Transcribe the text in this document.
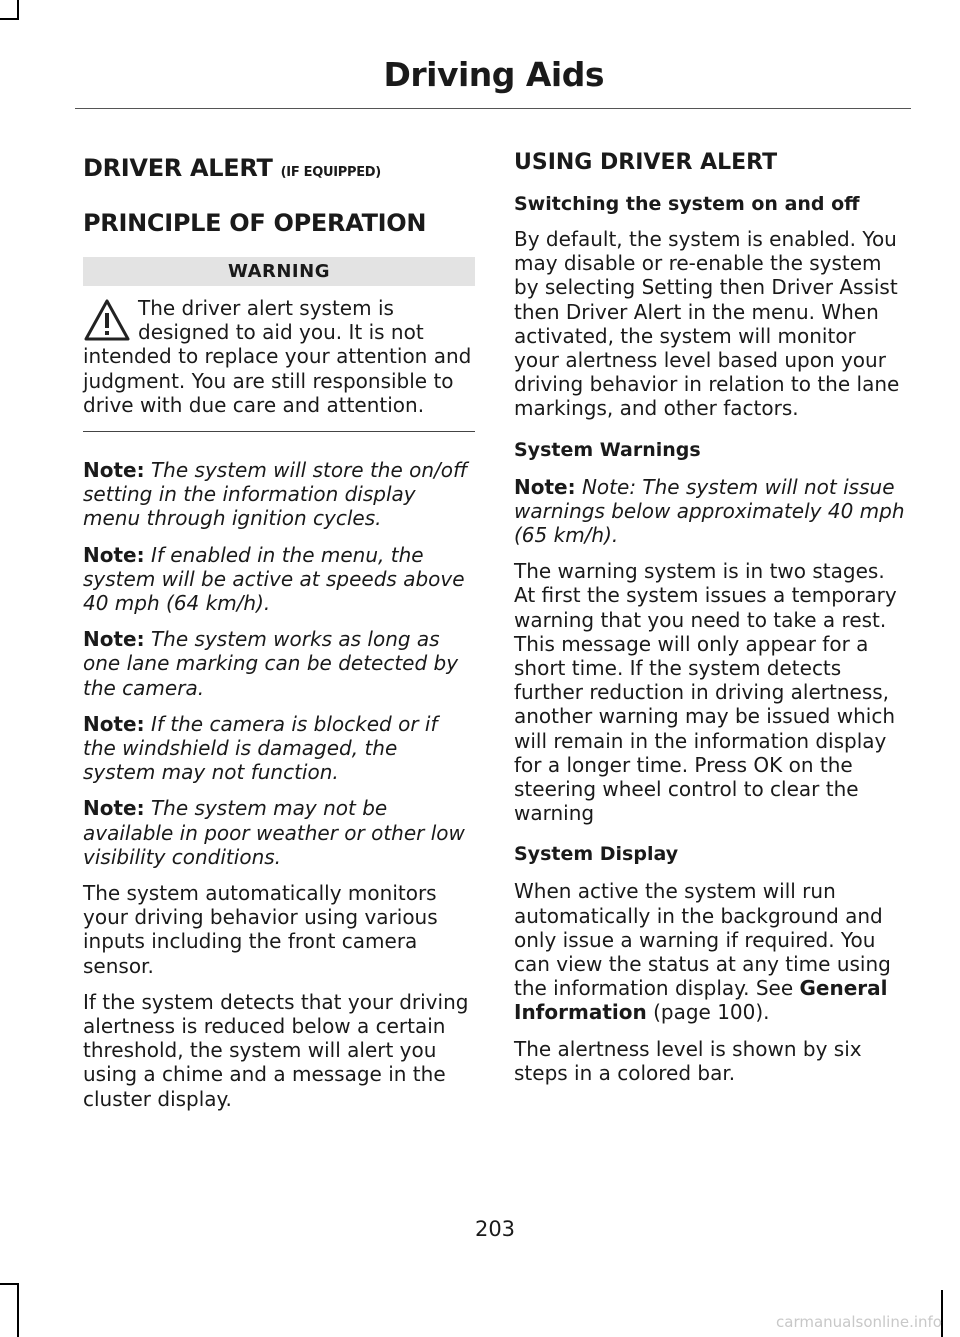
Driving Aids
DRIVER ALERT (IF EQUIPPED)
PRINCIPLE OF OPERATION
WARNING

The driver alert system is

designed to aid you. It is not

intended to replace your attention and judgment. You are still responsible to drive with due care and attention.

Note: The system will store the on/off setting in the information display menu through ignition cycles.

Note: If enabled in the menu, the system will be active at speeds above 40 mph (64 km/h).

Note: The system works as long as one lane marking can be detected by the camera.

Note: If the camera is blocked or if the windshield is damaged, the system may not function.

Note: The system may not be available in poor weather or other low visibility conditions.

The system automatically monitors your driving behavior using various inputs including the front camera sensor.

If the system detects that your driving alertness is reduced below a certain threshold, the system will alert you using a chime and a message in the cluster display.

USING DRIVER ALERT
Switching the system on and off

By default, the system is enabled. You may disable or re-enable the system by selecting Setting then Driver Assist then Driver Alert in the menu. When activated, the system will monitor your alertness level based upon your driving behavior in relation to the lane markings, and other factors.

System Warnings

Note: Note: The system will not issue warnings below approximately 40 mph (65 km/h).

The warning system is in two stages. At first the system issues a temporary warning that you need to take a rest. This message will only appear for a short time. If the system detects further reduction in driving alertness, another warning may be issued which will remain in the information display for a longer time. Press OK on the steering wheel control to clear the warning

System Display

When active the system will run automatically in the background and only issue a warning if required. You can view the status at any time using the information display. See General Information (page 100).

The alertness level is shown by six steps in a colored bar.

203
carmanualsonline.info
